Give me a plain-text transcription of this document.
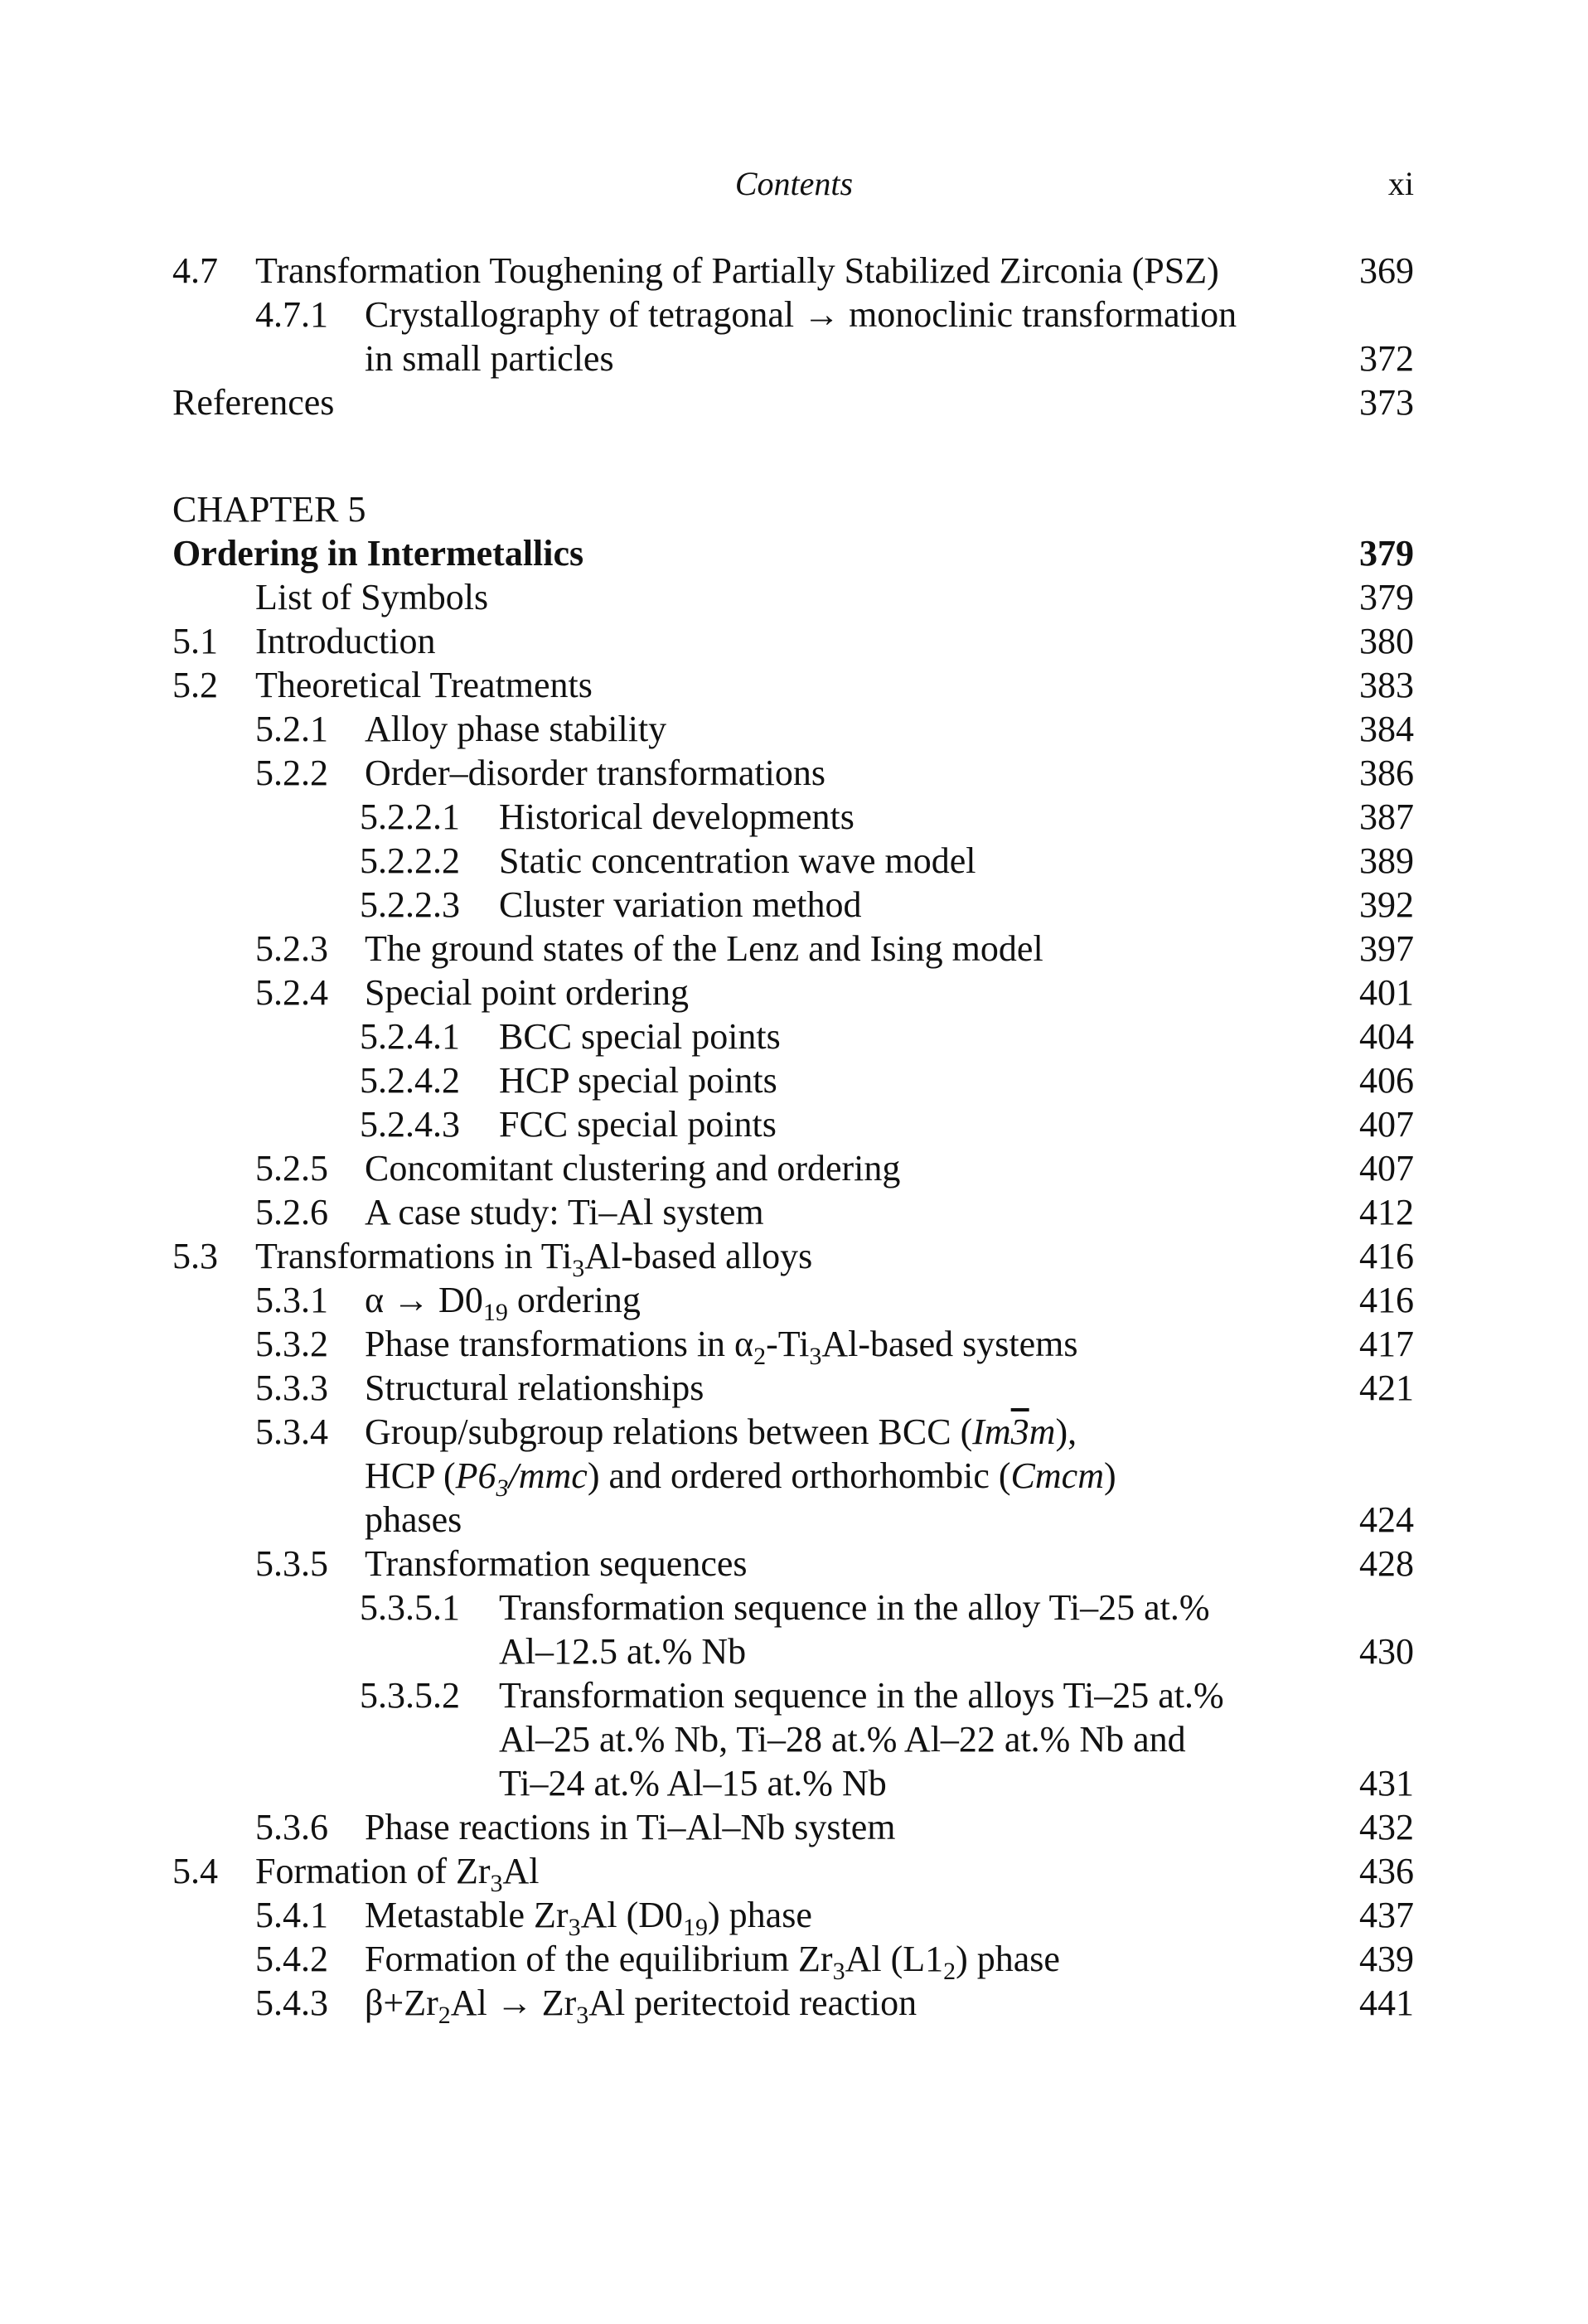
Contents	xi
4.7 Transformation Toughening of Partially Stabilized Zirconia (PSZ)	369
4.7.1 Crystallography of tetragonal → monoclinic transformation
in small particles	372
References	373
CHAPTER 5
Ordering in Intermetallics	379
List of Symbols	379
5.1 Introduction	380
5.2 Theoretical Treatments	383
5.2.1 Alloy phase stability	384
5.2.2 Order–disorder transformations	386
5.2.2.1 Historical developments	387
5.2.2.2 Static concentration wave model	389
5.2.2.3 Cluster variation method	392
5.2.3 The ground states of the Lenz and Ising model	397
5.2.4 Special point ordering	401
5.2.4.1 BCC special points	404
5.2.4.2 HCP special points	406
5.2.4.3 FCC special points	407
5.2.5 Concomitant clustering and ordering	407
5.2.6 A case study: Ti–Al system	412
5.3 Transformations in $Ti_3Al$-based alloys	416
5.3.1 $\alpha \to D0_{19}$ ordering	416
5.3.2 Phase transformations in $\alpha_2-Ti_3Al$-based systems	417
5.3.3 Structural relationships	421
5.3.4 Group/subgroup relations between BCC (Im3m),
HCP $(P6_3/mmc)$ and ordered orthorhombic (Cmcm)
phases	424
5.3.5 Transformation sequences	428
5.3.5.1 Transformation sequence in the alloy Ti–25 at.%
Al–12.5 at.% Nb	430
5.3.5.2 Transformation sequence in the alloys Ti–25 at.%
Al–25 at.% Nb, Ti–28 at.% Al–22 at.% Nb and
Ti–24 at.% Al–15 at.% Nb	431
5.3.6 Phase reactions in Ti–Al–Nb system	432
5.4 Formation of $Zr_3Al$	436
5.4.1 Metastable $Zr_3Al$ $(D0_{19})$ phase	437
5.4.2 Formation of the equilibrium $Zr_3Al$ $(L1_2)$ phase	439
5.4.3 $\beta+Zr_2Al \to Zr_3Al$ peritectoid reaction	441
